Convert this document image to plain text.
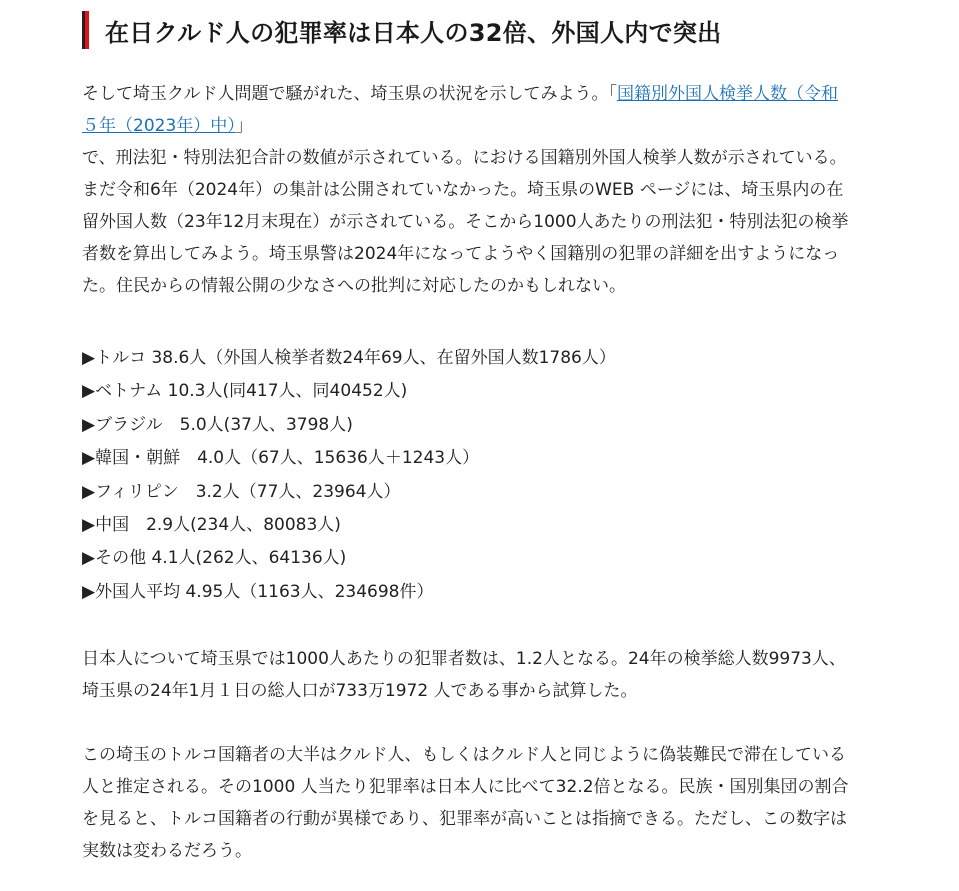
在日クルド人の犯罪率は日本人の32倍、外国人内で突出
そして埼玉クルド人問題で騒がれた、埼玉県の状況を示してみよう。「国籍別外国人検挙人数（令和
５年（2023年）中）」
で、刑法犯・特別法犯合計の数値が示されている。における国籍別外国人検挙人数が示されている。
まだ令和6年（2024年）の集計は公開されていなかった。埼玉県のWEB ページには、埼玉県内の在
留外国人数（23年12月末現在）が示されている。そこから1000人あたりの刑法犯・特別法犯の検挙
者数を算出してみよう。埼玉県警は2024年になってようやく国籍別の犯罪の詳細を出すようになっ
た。住民からの情報公開の少なさへの批判に対応したのかもしれない。
▶トルコ 38.6人（外国人検挙者数24年69人、在留外国人数1786人）
▶ベトナム 10.3人(同417人、同40452人)
▶ブラジル　5.0人(37人、3798人)
▶韓国・朝鮮　4.0人（67人、15636人＋1243人）
▶フィリピン　3.2人（77人、23964人）
▶中国　2.9人(234人、80083人)
▶その他 4.1人(262人、64136人)
▶外国人平均 4.95人（1163人、234698件）
日本人について埼玉県では1000人あたりの犯罪者数は、1.2人となる。24年の検挙総人数9973人、
埼玉県の24年1月１日の総人口が733万1972 人である事から試算した。
この埼玉のトルコ国籍者の大半はクルド人、もしくはクルド人と同じように偽装難民で滞在している
人と推定される。その1000 人当たり犯罪率は日本人に比べて32.2倍となる。民族・国別集団の割合
を見ると、トルコ国籍者の行動が異様であり、犯罪率が高いことは指摘できる。ただし、この数字は
実数は変わるだろう。
